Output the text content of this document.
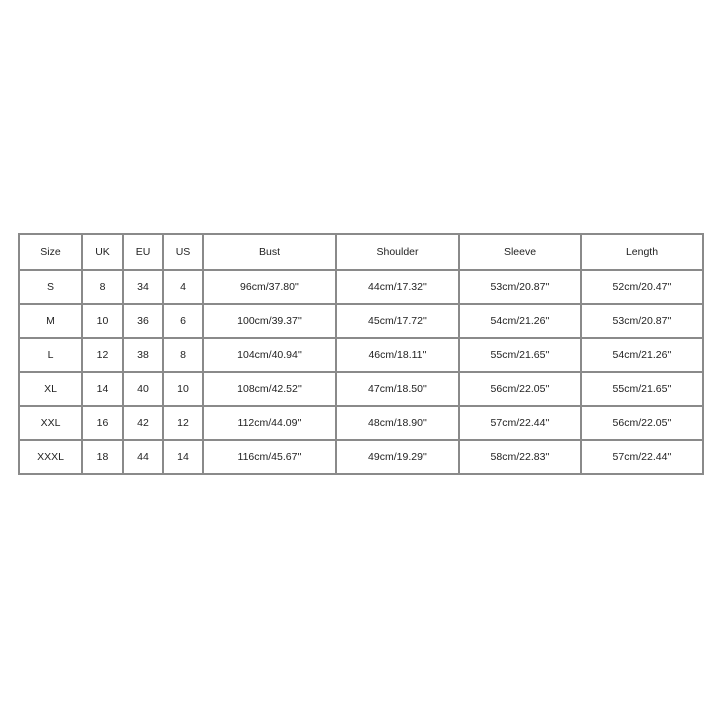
Size	UK	EU	US	Bust	Shoulder	Sleeve	Length
S	8	34	4	96cm/37.80''	44cm/17.32''	53cm/20.87''	52cm/20.47''
M	10	36	6	100cm/39.37''	45cm/17.72''	54cm/21.26''	53cm/20.87''
L	12	38	8	104cm/40.94''	46cm/18.11''	55cm/21.65''	54cm/21.26''
XL	14	40	10	108cm/42.52''	47cm/18.50''	56cm/22.05''	55cm/21.65''
XXL	16	42	12	112cm/44.09''	48cm/18.90''	57cm/22.44''	56cm/22.05''
XXXL	18	44	14	116cm/45.67''	49cm/19.29''	58cm/22.83''	57cm/22.44''
